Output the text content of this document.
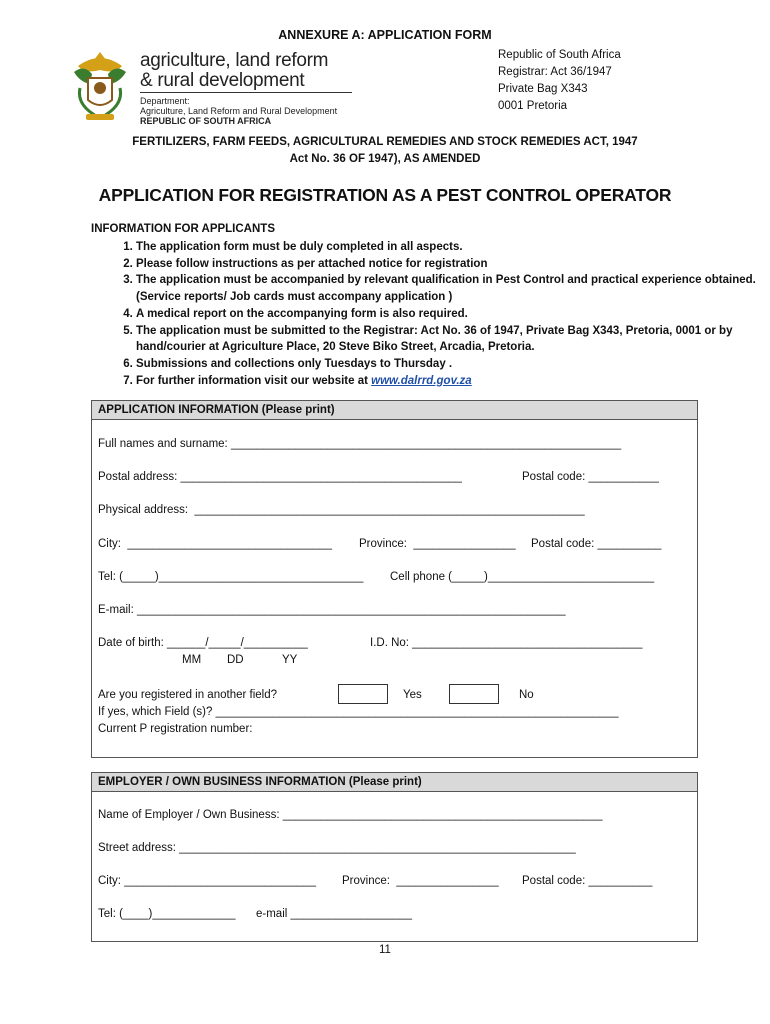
ANNEXURE A: APPLICATION FORM
agriculture, land reform
& rural development
Department:
Agriculture, Land Reform and Rural Development
REPUBLIC OF SOUTH AFRICA
Republic of South Africa
Registrar: Act 36/1947
Private Bag X343
0001 Pretoria
FERTILIZERS, FARM FEEDS, AGRICULTURAL REMEDIES AND STOCK REMEDIES ACT, 1947
Act No. 36 OF 1947), AS AMENDED
APPLICATION FOR REGISTRATION AS A PEST CONTROL OPERATOR
INFORMATION FOR APPLICANTS
1. The application form must be duly completed in all aspects.
2. Please follow instructions as per attached notice for registration
3. The application must be accompanied by relevant qualification in Pest Control and practical experience obtained. (Service reports/ Job cards must accompany application )
4. A medical report on the accompanying form is also required.
5. The application must be submitted to the Registrar: Act No. 36 of 1947, Private Bag X343, Pretoria, 0001 or by hand/courier at Agriculture Place, 20 Steve Biko Street, Arcadia, Pretoria.
6. Submissions and collections only Tuesdays to Thursday .
7. For further information visit our website at www.dalrrd.gov.za
APPLICATION INFORMATION (Please print)
Full names and surname: _____________________________________________________________
Postal address: ____________________________________________	Postal code: ___________
Physical address:  _____________________________________________________________
City:  ________________________________ Province:  ________________ Postal code: __________
Tel: (_____)________________________________ Cell phone (_____)__________________________
E-mail: ___________________________________________________________________
Date of birth: ______/_____/__________
MM DD	YY
I.D. No: ____________________________________
Are you registered in another field?	Yes	No
If yes, which Field (s)? _______________________________________________________________
Current P registration number:
EMPLOYER / OWN BUSINESS INFORMATION (Please print)
Name of Employer / Own Business: __________________________________________________
Street address: ______________________________________________________________
City: ______________________________ Province:  ________________ Postal code: __________
Tel: (____)_____________ e-mail ___________________
11
